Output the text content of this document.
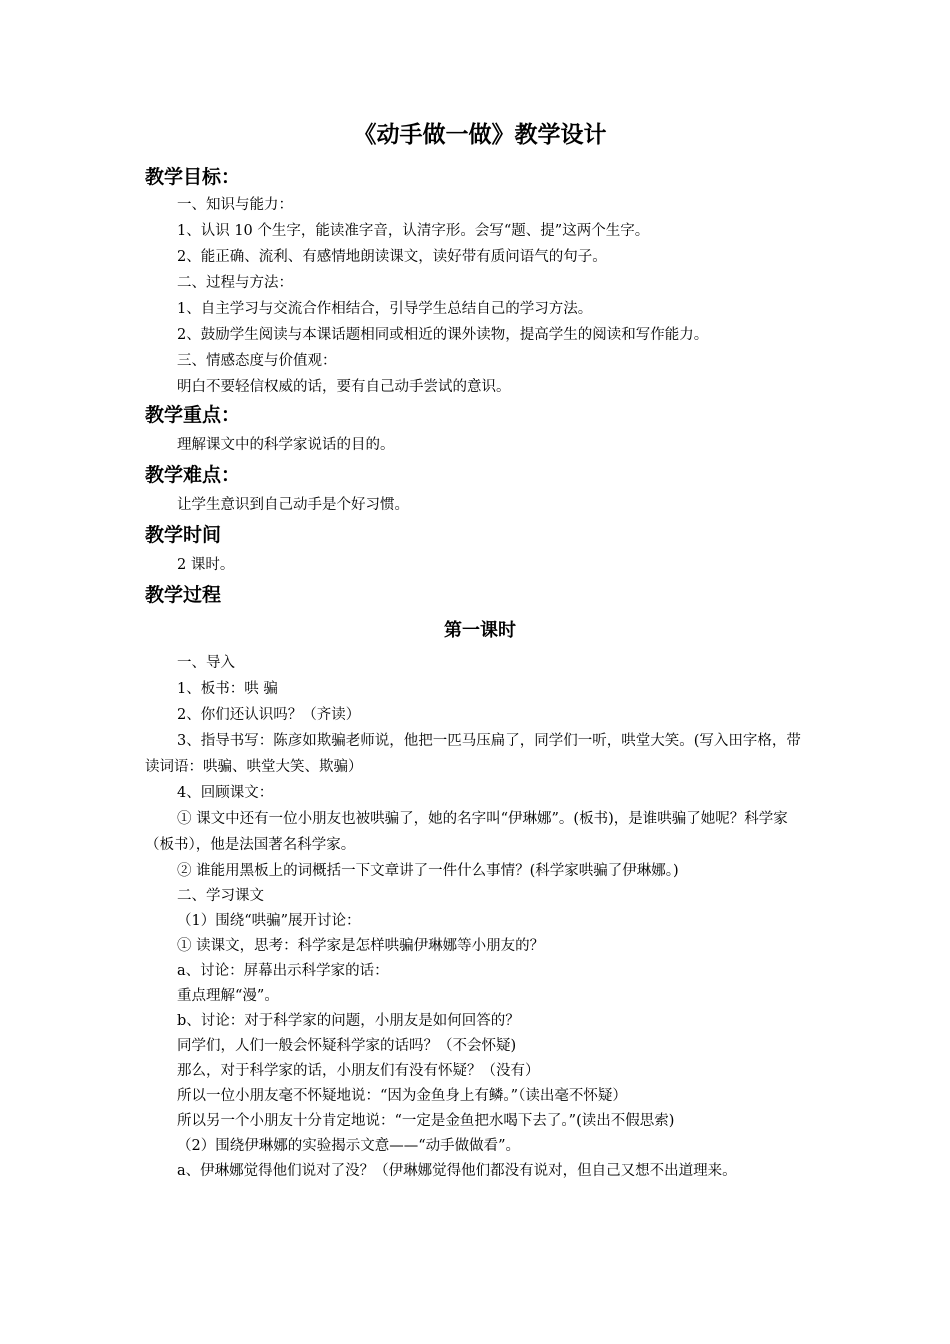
《动手做一做》教学设计
教学目标：

一、知识与能力：

1、认识 10 个生字，能读准字音，认清字形。会写“题、提”这两个生字。

2、能正确、流利、有感情地朗读课文，读好带有质问语气的句子。

二、过程与方法：

1、自主学习与交流合作相结合，引导学生总结自己的学习方法。

2、鼓励学生阅读与本课话题相同或相近的课外读物，提高学生的阅读和写作能力。

三、情感态度与价值观：

明白不要轻信权威的话，要有自己动手尝试的意识。

教学重点：

理解课文中的科学家说话的目的。

教学难点：

让学生意识到自己动手是个好习惯。

教学时间

2 课时。

教学过程
第一课时

一、导入

1、板书：哄 骗

2、你们还认识吗？（齐读）

3、指导书写：陈彦如欺骗老师说，他把一匹马压扁了，同学们一听，哄堂大笑。(写入田字格，带读词语：哄骗、哄堂大笑、欺骗）

4、回顾课文：

① 课文中还有一位小朋友也被哄骗了，她的名字叫“伊琳娜”。(板书)，是谁哄骗了她呢？科学家（板书），他是法国著名科学家。

② 谁能用黑板上的词概括一下文章讲了一件什么事情？(科学家哄骗了伊琳娜。)

二、学习课文

（1）围绕“哄骗”展开讨论：

① 读课文，思考：科学家是怎样哄骗伊琳娜等小朋友的？

a、讨论：屏幕出示科学家的话：

重点理解“漫”。

b、讨论：对于科学家的问题，小朋友是如何回答的？

同学们，人们一般会怀疑科学家的话吗？（不会怀疑)

那么，对于科学家的话，小朋友们有没有怀疑？（没有）

所以一位小朋友毫不怀疑地说：“因为金鱼身上有鳞。”（读出毫不怀疑）

所以另一个小朋友十分肯定地说：“一定是金鱼把水喝下去了。”(读出不假思索)

（2）围绕伊琳娜的实验揭示文意——“动手做做看”。

a、伊琳娜觉得他们说对了没？（伊琳娜觉得他们都没有说对，但自己又想不出道理来。
